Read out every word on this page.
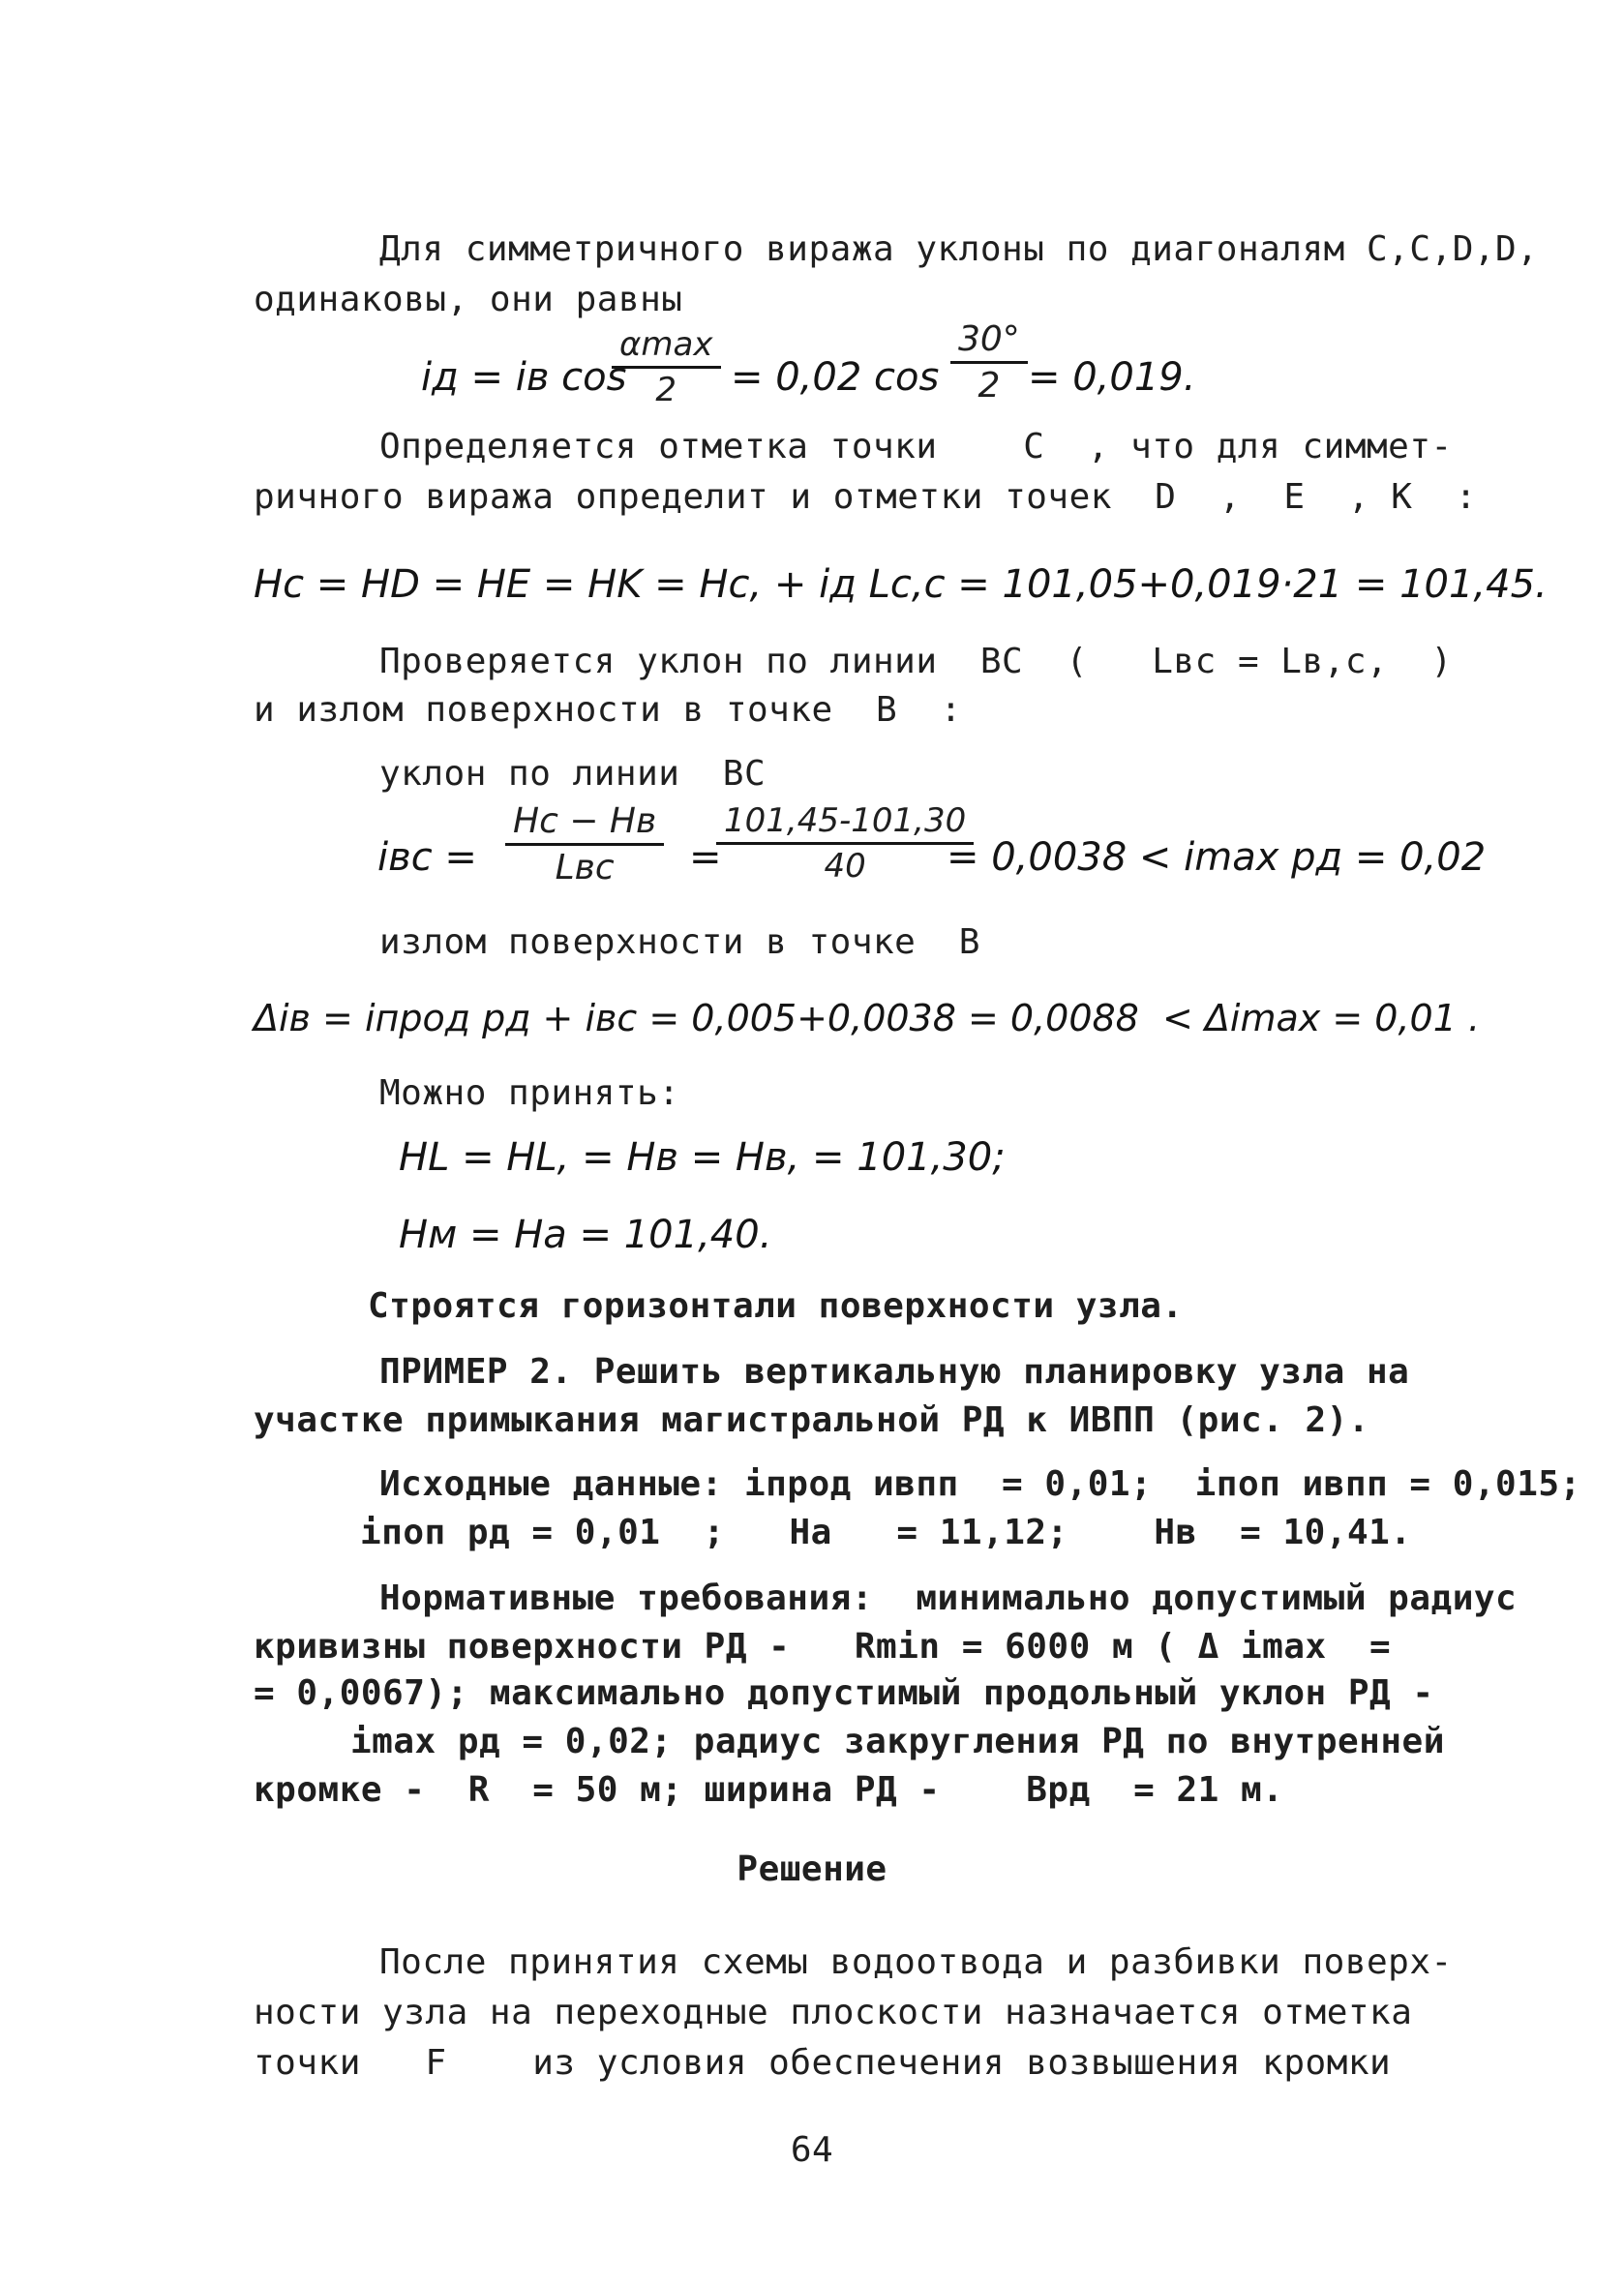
Для симметричного виража уклоны по диагоналям С,С,D,D,
одинаковы, они равны
iд = iв cos
αmax
2 = 0,02 $\cos \frac{30^\circ}{2} = 0,019$.
Определяется отметка точки    С  , что для симмет-
ричного виража определит и отметки точек  D  ,  E  , K  :
Hc = HD = HE = HK = Hc, + iд Lc,c = 101,05+0,019·21 = 101,45.
Проверяется уклон по линии  ВС  (   Lвс = Lв,с,  )
и излом поверхности в точке  В  :
уклон по линии  ВС
iвс =
Hc − Hв
Lвс =
$\frac{101,45-101,30}{40}$
= 0,0038 < imax рд = 0,02
излом поверхности в точке  В
Δiв = iпрод рд + iвс = 0,005+0,0038 = 0,0088  < Δimax = 0,01 .
Можно принять:
HL = HL, = Hв = Hв, = 101,30;
Hм = Hа = 101,40.
Строятся горизонтали поверхности узла.
ПРИМЕР 2. Решить вертикальную планировку узла на
участке примыкания магистральной РД к ИВПП (рис. 2).
Исходные данные: iпрод ивпп  = 0,01;  iпоп ивпп = 0,015;
iпоп рд = 0,01  ;   Hа   = 11,12;    Hв  = 10,41.
Нормативные требования:  минимально допустимый радиус
кривизны поверхности РД -   Rmin = 6000 м ( Δ imax  =
= 0,0067); максимально допустимый продольный уклон РД -
imax рд = 0,02; радиус закругления РД по внутренней
кромке -  R  = 50 м; ширина РД -    Bрд  = 21 м.
Решение
После принятия схемы водоотвода и разбивки поверх-
ности узла на переходные плоскости назначается отметка
точки   F    из условия обеспечения возвышения кромки
64
